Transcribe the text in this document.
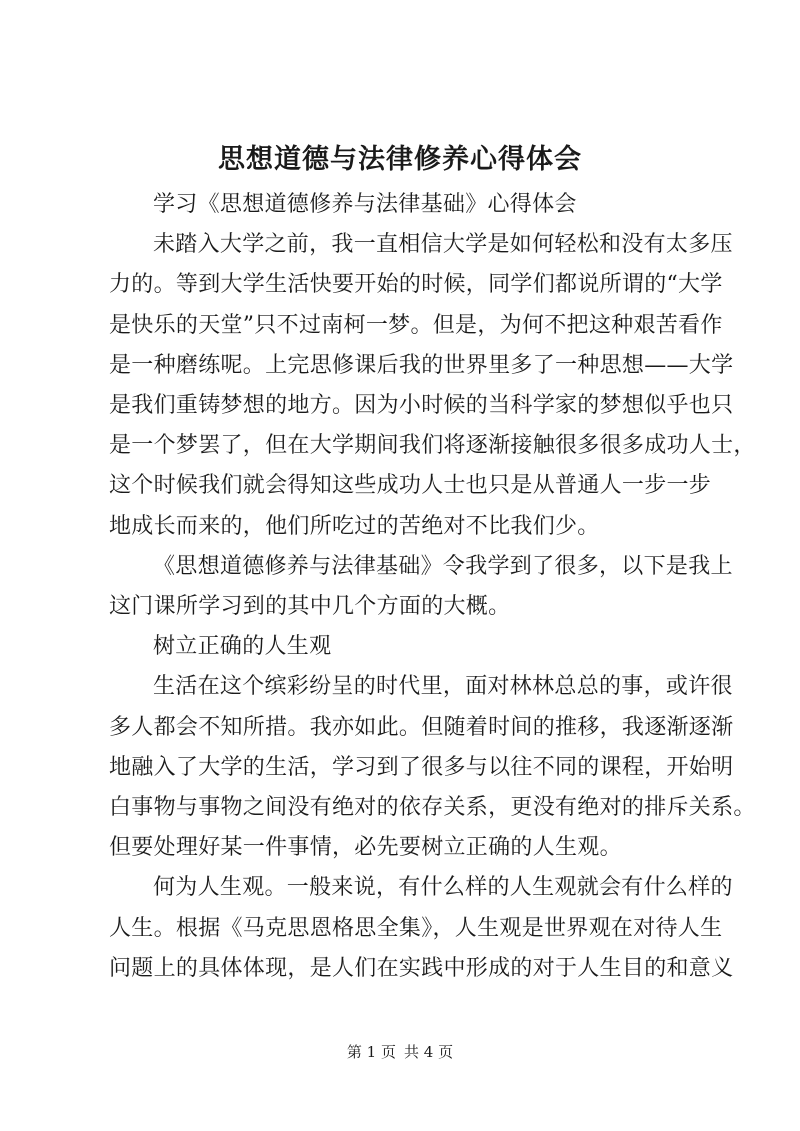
思想道德与法律修养心得体会

学习《思想道德修养与法律基础》心得体会

未踏入大学之前，我一直相信大学是如何轻松和没有太多压
力的。等到大学生活快要开始的时候，同学们都说所谓的“大学
是快乐的天堂”只不过南柯一梦。但是，为何不把这种艰苦看作
是一种磨练呢。上完思修课后我的世界里多了一种思想——大学
是我们重铸梦想的地方。因为小时候的当科学家的梦想似乎也只
是一个梦罢了，但在大学期间我们将逐渐接触很多很多成功人士，
这个时候我们就会得知这些成功人士也只是从普通人一步一步
地成长而来的，他们所吃过的苦绝对不比我们少。

《思想道德修养与法律基础》令我学到了很多，以下是我上
这门课所学习到的其中几个方面的大概。

树立正确的人生观

生活在这个缤彩纷呈的时代里，面对林林总总的事，或许很
多人都会不知所措。我亦如此。但随着时间的推移，我逐渐逐渐
地融入了大学的生活，学习到了很多与以往不同的课程，开始明
白事物与事物之间没有绝对的依存关系，更没有绝对的排斥关系。
但要处理好某一件事情，必先要树立正确的人生观。

何为人生观。一般来说，有什么样的人生观就会有什么样的
人生。根据《马克思恩格思全集》，人生观是世界观在对待人生
问题上的具体体现，是人们在实践中形成的对于人生目的和意义

第 1 页 共 4 页
